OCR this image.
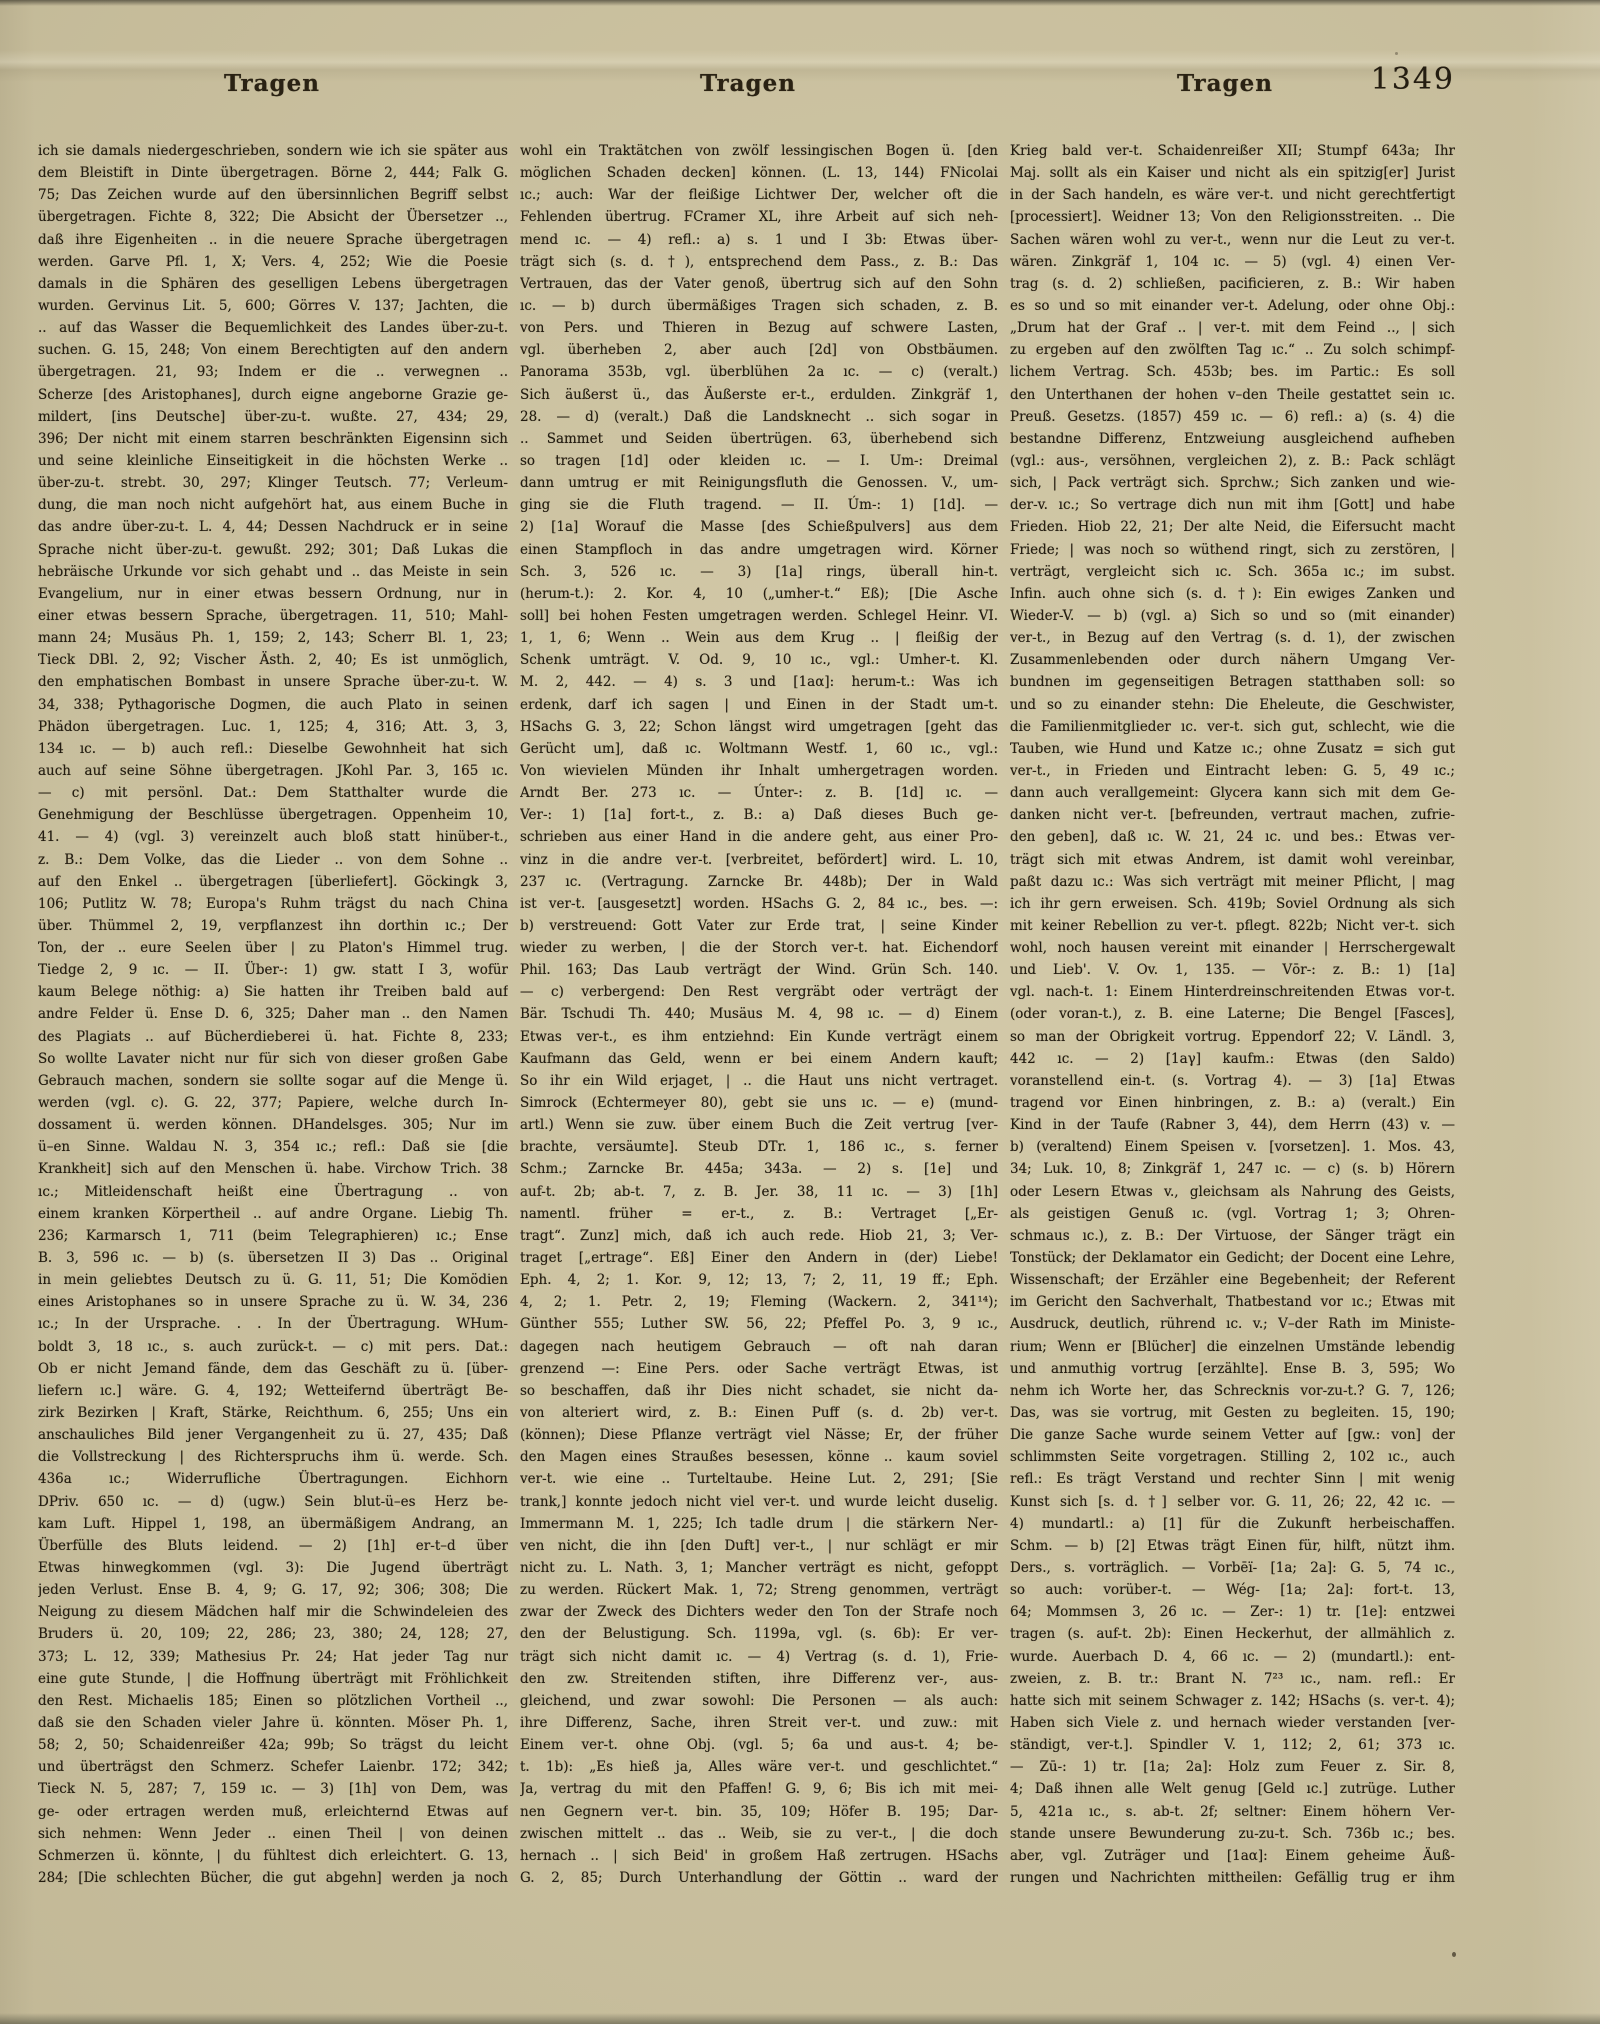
Tragen	Tragen	Tragen	1349
ich sie damals niedergeschrieben, sondern wie ich sie später aus
dem Bleistift in Dinte übergetragen. Börne 2, 444; Falk G.
75; Das Zeichen wurde auf den übersinnlichen Begriff selbst
übergetragen. Fichte 8, 322; Die Absicht der Übersetzer ..,
daß ihre Eigenheiten .. in die neuere Sprache übergetragen
werden. Garve Pfl. 1, X; Vers. 4, 252; Wie die Poesie
damals in die Sphären des geselligen Lebens übergetragen
wurden. Gervinus Lit. 5, 600; Görres V. 137; Jachten, die
.. auf das Wasser die Bequemlichkeit des Landes über-zu-t.
suchen. G. 15, 248; Von einem Berechtigten auf den andern
übergetragen. 21, 93; Indem er die .. verwegnen ..
Scherze [des Aristophanes], durch eigne angeborne Grazie ge-
mildert, [ins Deutsche] über-zu-t. wußte. 27, 434; 29,
396; Der nicht mit einem starren beschränkten Eigensinn sich
und seine kleinliche Einseitigkeit in die höchsten Werke ..
über-zu-t. strebt. 30, 297; Klinger Teutsch. 77; Verleum-
dung, die man noch nicht aufgehört hat, aus einem Buche in
das andre über-zu-t. L. 4, 44; Dessen Nachdruck er in seine
Sprache nicht über-zu-t. gewußt. 292; 301; Daß Lukas die
hebräische Urkunde vor sich gehabt und .. das Meiste in sein
Evangelium, nur in einer etwas bessern Ordnung, nur in
einer etwas bessern Sprache, übergetragen. 11, 510; Mahl-
mann 24; Musäus Ph. 1, 159; 2, 143; Scherr Bl. 1, 23;
Tieck DBl. 2, 92; Vischer Ästh. 2, 40; Es ist unmöglich,
den emphatischen Bombast in unsere Sprache über-zu-t. W.
34, 338; Pythagorische Dogmen, die auch Plato in seinen
Phädon übergetragen. Luc. 1, 125; 4, 316; Att. 3, 3,
134 ıc. — b) auch refl.: Dieselbe Gewohnheit hat sich
auch auf seine Söhne übergetragen. JKohl Par. 3, 165 ıc.
— c) mit persönl. Dat.: Dem Statthalter wurde die
Genehmigung der Beschlüsse übergetragen. Oppenheim 10,
41. — 4) (vgl. 3) vereinzelt auch bloß statt hinüber-t.,
z. B.: Dem Volke, das die Lieder .. von dem Sohne ..
auf den Enkel .. übergetragen [überliefert]. Göckingk 3,
106; Putlitz W. 78; Europa's Ruhm trägst du nach China
über. Thümmel 2, 19, verpflanzest ihn dorthin ıc.; Der
Ton, der .. eure Seelen über | zu Platon's Himmel trug.
Tiedge 2, 9 ıc. — II. Über-: 1) gw. statt I 3, wofür
kaum Belege nöthig: a) Sie hatten ihr Treiben bald auf
andre Felder ü. Ense D. 6, 325; Daher man .. den Namen
des Plagiats .. auf Bücherdieberei ü. hat. Fichte 8, 233;
So wollte Lavater nicht nur für sich von dieser großen Gabe
Gebrauch machen, sondern sie sollte sogar auf die Menge ü.
werden (vgl. c). G. 22, 377; Papiere, welche durch In-
dossament ü. werden können. DHandelsges. 305; Nur im
ü–en Sinne. Waldau N. 3, 354 ıc.; refl.: Daß sie [die
Krankheit] sich auf den Menschen ü. habe. Virchow Trich. 38
ıc.; Mitleidenschaft heißt eine Übertragung .. von
einem kranken Körpertheil .. auf andre Organe. Liebig Th.
236; Karmarsch 1, 711 (beim Telegraphieren) ıc.; Ense
B. 3, 596 ıc. — b) (s. übersetzen II 3) Das .. Original
in mein geliebtes Deutsch zu ü. G. 11, 51; Die Komödien
eines Aristophanes so in unsere Sprache zu ü. W. 34, 236
ıc.; In der Ursprache. . . In der Übertragung. WHum-
boldt 3, 18 ıc., s. auch zurück-t. — c) mit pers. Dat.:
Ob er nicht Jemand fände, dem das Geschäft zu ü. [über-
liefern ıc.] wäre. G. 4, 192; Wetteifernd überträgt Be-
zirk Bezirken | Kraft, Stärke, Reichthum. 6, 255; Uns ein
anschauliches Bild jener Vergangenheit zu ü. 27, 435; Daß
die Vollstreckung | des Richterspruchs ihm ü. werde. Sch.
436a ıc.; Widerrufliche Übertragungen. Eichhorn
DPriv. 650 ıc. — d) (ugw.) Sein blut-ü–es Herz be-
kam Luft. Hippel 1, 198, an übermäßigem Andrang, an
Überfülle des Bluts leidend. — 2) [1h] er-t–d über
Etwas hinwegkommen (vgl. 3): Die Jugend überträgt
jeden Verlust. Ense B. 4, 9; G. 17, 92; 306; 308; Die
Neigung zu diesem Mädchen half mir die Schwindeleien des
Bruders ü. 20, 109; 22, 286; 23, 380; 24, 128; 27,
373; L. 12, 339; Mathesius Pr. 24; Hat jeder Tag nur
eine gute Stunde, | die Hoffnung überträgt mit Fröhlichkeit
den Rest. Michaelis 185; Einen so plötzlichen Vortheil ..,
daß sie den Schaden vieler Jahre ü. könnten. Möser Ph. 1,
58; 2, 50; Schaidenreißer 42a; 99b; So trägst du leicht
und überträgst den Schmerz. Schefer Laienbr. 172; 342;
Tieck N. 5, 287; 7, 159 ıc. — 3) [1h] von Dem, was
ge- oder ertragen werden muß, erleichternd Etwas auf
sich nehmen: Wenn Jeder .. einen Theil | von deinen
Schmerzen ü. könnte, | du fühltest dich erleichtert. G. 13,
284; [Die schlechten Bücher, die gut abgehn] werden ja noch
wohl ein Traktätchen von zwölf lessingischen Bogen ü. [den
möglichen Schaden decken] können. (L. 13, 144) FNicolai
ıc.; auch: War der fleißige Lichtwer Der, welcher oft die
Fehlenden übertrug. FCramer XL, ihre Arbeit auf sich neh-
mend ıc. — 4) refl.: a) s. 1 und I 3b: Etwas über-
trägt sich (s. d. †), entsprechend dem Pass., z. B.: Das
Vertrauen, das der Vater genoß, übertrug sich auf den Sohn
ıc. — b) durch übermäßiges Tragen sich schaden, z. B.
von Pers. und Thieren in Bezug auf schwere Lasten,
vgl. überheben 2, aber auch [2d] von Obstbäumen.
Panorama 353b, vgl. überblühen 2a ıc. — c) (veralt.)
Sich äußerst ü., das Äußerste er-t., erdulden. Zinkgräf 1,
28. — d) (veralt.) Daß die Landsknecht .. sich sogar in
.. Sammet und Seiden übertrügen. 63, überhebend sich
so tragen [1d] oder kleiden ıc. — I. Um-: Dreimal
dann umtrug er mit Reinigungsfluth die Genossen. V., um-
ging sie die Fluth tragend. — II. Úm-: 1) [1d]. —
2) [1a] Worauf die Masse [des Schießpulvers] aus dem
einen Stampfloch in das andre umgetragen wird. Körner
Sch. 3, 526 ıc. — 3) [1a] rings, überall hin-t.
(herum-t.): 2. Kor. 4, 10 („umher-t.“ Eß); [Die Asche
soll] bei hohen Festen umgetragen werden. Schlegel Heinr. VI.
1, 1, 6; Wenn .. Wein aus dem Krug .. | fleißig der
Schenk umträgt. V. Od. 9, 10 ıc., vgl.: Umher-t. Kl.
M. 2, 442. — 4) s. 3 und [1aα]: herum-t.: Was ich
erdenk, darf ich sagen | und Einen in der Stadt um-t.
HSachs G. 3, 22; Schon längst wird umgetragen [geht das
Gerücht um], daß ıc. Woltmann Westf. 1, 60 ıc., vgl.:
Von wievielen Münden ihr Inhalt umhergetragen worden.
Arndt Ber. 273 ıc. — Únter-: z. B. [1d] ıc. —
Ver-: 1) [1a] fort-t., z. B.: a) Daß dieses Buch ge-
schrieben aus einer Hand in die andere geht, aus einer Pro-
vinz in die andre ver-t. [verbreitet, befördert] wird. L. 10,
237 ıc. (Vertragung. Zarncke Br. 448b); Der in Wald
ist ver-t. [ausgesetzt] worden. HSachs G. 2, 84 ıc., bes. —:
b) verstreuend: Gott Vater zur Erde trat, | seine Kinder
wieder zu werben, | die der Storch ver-t. hat. Eichendorf
Phil. 163; Das Laub verträgt der Wind. Grün Sch. 140.
— c) verbergend: Den Rest vergräbt oder verträgt der
Bär. Tschudi Th. 440; Musäus M. 4, 98 ıc. — d) Einem
Etwas ver-t., es ihm entziehnd: Ein Kunde verträgt einem
Kaufmann das Geld, wenn er bei einem Andern kauft;
So ihr ein Wild erjaget, | .. die Haut uns nicht vertraget.
Simrock (Echtermeyer 80), gebt sie uns ıc. — e) (mund-
artl.) Wenn sie zuw. über einem Buch die Zeit vertrug [ver-
brachte, versäumte]. Steub DTr. 1, 186 ıc., s. ferner
Schm.; Zarncke Br. 445a; 343a. — 2) s. [1e] und
auf-t. 2b; ab-t. 7, z. B. Jer. 38, 11 ıc. — 3) [1h]
namentl. früher = er-t., z. B.: Vertraget [„Er-
tragt“. Zunz] mich, daß ich auch rede. Hiob 21, 3; Ver-
traget [„ertrage“. Eß] Einer den Andern in (der) Liebe!
Eph. 4, 2; 1. Kor. 9, 12; 13, 7; 2, 11, 19 ff.; Eph.
4, 2; 1. Petr. 2, 19; Fleming (Wackern. 2, 341¹⁴);
Günther 555; Luther SW. 56, 22; Pfeffel Po. 3, 9 ıc.,
dagegen nach heutigem Gebrauch — oft nah daran
grenzend —: Eine Pers. oder Sache verträgt Etwas, ist
so beschaffen, daß ihr Dies nicht schadet, sie nicht da-
von alteriert wird, z. B.: Einen Puff (s. d. 2b) ver-t.
(können); Diese Pflanze verträgt viel Nässe; Er, der früher
den Magen eines Straußes besessen, könne .. kaum soviel
ver-t. wie eine .. Turteltaube. Heine Lut. 2, 291; [Sie
trank,] konnte jedoch nicht viel ver-t. und wurde leicht duselig.
Immermann M. 1, 225; Ich tadle drum | die stärkern Ner-
ven nicht, die ihn [den Duft] ver-t., | nur schlägt er mir
nicht zu. L. Nath. 3, 1; Mancher verträgt es nicht, gefoppt
zu werden. Rückert Mak. 1, 72; Streng genommen, verträgt
zwar der Zweck des Dichters weder den Ton der Strafe noch
den der Belustigung. Sch. 1199a, vgl. (s. 6b): Er ver-
trägt sich nicht damit ıc. — 4) Vertrag (s. d. 1), Frie-
den zw. Streitenden stiften, ihre Differenz ver-, aus-
gleichend, und zwar sowohl: Die Personen — als auch:
ihre Differenz, Sache, ihren Streit ver-t. und zuw.: mit
Einem ver-t. ohne Obj. (vgl. 5; 6a und aus-t. 4; be-
t. 1b): „Es hieß ja, Alles wäre ver-t. und geschlichtet.“
Ja, vertrag du mit den Pfaffen! G. 9, 6; Bis ich mit mei-
nen Gegnern ver-t. bin. 35, 109; Höfer B. 195; Dar-
zwischen mittelt .. das .. Weib, sie zu ver-t., | die doch
hernach .. | sich Beid' in großem Haß zertrugen. HSachs
G. 2, 85; Durch Unterhandlung der Göttin .. ward der
Krieg bald ver-t. Schaidenreißer XII; Stumpf 643a; Ihr
Maj. sollt als ein Kaiser und nicht als ein spitzig[er] Jurist
in der Sach handeln, es wäre ver-t. und nicht gerechtfertigt
[processiert]. Weidner 13; Von den Religionsstreiten. .. Die
Sachen wären wohl zu ver-t., wenn nur die Leut zu ver-t.
wären. Zinkgräf 1, 104 ıc. — 5) (vgl. 4) einen Ver-
trag (s. d. 2) schließen, pacificieren, z. B.: Wir haben
es so und so mit einander ver-t. Adelung, oder ohne Obj.:
„Drum hat der Graf .. | ver-t. mit dem Feind .., | sich
zu ergeben auf den zwölften Tag ıc.“ .. Zu solch schimpf-
lichem Vertrag. Sch. 453b; bes. im Partic.: Es soll
den Unterthanen der hohen v–den Theile gestattet sein ıc.
Preuß. Gesetzs. (1857) 459 ıc. — 6) refl.: a) (s. 4) die
bestandne Differenz, Entzweiung ausgleichend aufheben
(vgl.: aus-, versöhnen, vergleichen 2), z. B.: Pack schlägt
sich, | Pack verträgt sich. Sprchw.; Sich zanken und wie-
der-v. ıc.; So vertrage dich nun mit ihm [Gott] und habe
Frieden. Hiob 22, 21; Der alte Neid, die Eifersucht macht
Friede; | was noch so wüthend ringt, sich zu zerstören, |
verträgt, vergleicht sich ıc. Sch. 365a ıc.; im subst.
Infin. auch ohne sich (s. d. †): Ein ewiges Zanken und
Wieder-V. — b) (vgl. a) Sich so und so (mit einander)
ver-t., in Bezug auf den Vertrag (s. d. 1), der zwischen
Zusammenlebenden oder durch nähern Umgang Ver-
bundnen im gegenseitigen Betragen statthaben soll: so
und so zu einander stehn: Die Eheleute, die Geschwister,
die Familienmitglieder ıc. ver-t. sich gut, schlecht, wie die
Tauben, wie Hund und Katze ıc.; ohne Zusatz = sich gut
ver-t., in Frieden und Eintracht leben: G. 5, 49 ıc.;
dann auch verallgemeint: Glycera kann sich mit dem Ge-
danken nicht ver-t. [befreunden, vertraut machen, zufrie-
den geben], daß ıc. W. 21, 24 ıc. und bes.: Etwas ver-
trägt sich mit etwas Andrem, ist damit wohl vereinbar,
paßt dazu ıc.: Was sich verträgt mit meiner Pflicht, | mag
ich ihr gern erweisen. Sch. 419b; Soviel Ordnung als sich
mit keiner Rebellion zu ver-t. pflegt. 822b; Nicht ver-t. sich
wohl, noch hausen vereint mit einander | Herrschergewalt
und Lieb'. V. Ov. 1, 135. — Vōr-: z. B.: 1) [1a]
vgl. nach-t. 1: Einem Hinterdreinschreitenden Etwas vor-t.
(oder voran-t.), z. B. eine Laterne; Die Bengel [Fasces],
so man der Obrigkeit vortrug. Eppendorf 22; V. Ländl. 3,
442 ıc. — 2) [1aγ] kaufm.: Etwas (den Saldo)
voranstellend ein-t. (s. Vortrag 4). — 3) [1a] Etwas
tragend vor Einen hinbringen, z. B.: a) (veralt.) Ein
Kind in der Taufe (Rabner 3, 44), dem Herrn (43) v. —
b) (veraltend) Einem Speisen v. [vorsetzen]. 1. Mos. 43,
34; Luk. 10, 8; Zinkgräf 1, 247 ıc. — c) (s. b) Hörern
oder Lesern Etwas v., gleichsam als Nahrung des Geists,
als geistigen Genuß ıc. (vgl. Vortrag 1; 3; Ohren-
schmaus ıc.), z. B.: Der Virtuose, der Sänger trägt ein
Tonstück; der Deklamator ein Gedicht; der Docent eine Lehre,
Wissenschaft; der Erzähler eine Begebenheit; der Referent
im Gericht den Sachverhalt, Thatbestand vor ıc.; Etwas mit
Ausdruck, deutlich, rührend ıc. v.; V–der Rath im Ministe-
rium; Wenn er [Blücher] die einzelnen Umstände lebendig
und anmuthig vortrug [erzählte]. Ense B. 3, 595; Wo
nehm ich Worte her, das Schrecknis vor-zu-t.? G. 7, 126;
Das, was sie vortrug, mit Gesten zu begleiten. 15, 190;
Die ganze Sache wurde seinem Vetter auf [gw.: von] der
schlimmsten Seite vorgetragen. Stilling 2, 102 ıc., auch
refl.: Es trägt Verstand und rechter Sinn | mit wenig
Kunst sich [s. d. †] selber vor. G. 11, 26; 22, 42 ıc. —
4) mundartl.: a) [1] für die Zukunft herbeischaffen.
Schm. — b) [2] Etwas trägt Einen für, hilft, nützt ihm.
Ders., s. vorträglich. — Vorbēï- [1a; 2a]: G. 5, 74 ıc.,
so auch: vorüber-t. — Wég- [1a; 2a]: fort-t. 13,
64; Mommsen 3, 26 ıc. — Zer-: 1) tr. [1e]: entzwei
tragen (s. auf-t. 2b): Einen Heckerhut, der allmählich z.
wurde. Auerbach D. 4, 66 ıc. — 2) (mundartl.): ent-
zweien, z. B. tr.: Brant N. 7²³ ıc., nam. refl.: Er
hatte sich mit seinem Schwager z. 142; HSachs (s. ver-t. 4);
Haben sich Viele z. und hernach wieder verstanden [ver-
ständigt, ver-t.]. Spindler V. 1, 112; 2, 61; 373 ıc.
— Zū-: 1) tr. [1a; 2a]: Holz zum Feuer z. Sir. 8,
4; Daß ihnen alle Welt genug [Geld ıc.] zutrüge. Luther
5, 421a ıc., s. ab-t. 2f; seltner: Einem höhern Ver-
stande unsere Bewunderung zu-zu-t. Sch. 736b ıc.; bes.
aber, vgl. Zuträger und [1aα]: Einem geheime Äuß-
rungen und Nachrichten mittheilen: Gefällig trug er ihm
